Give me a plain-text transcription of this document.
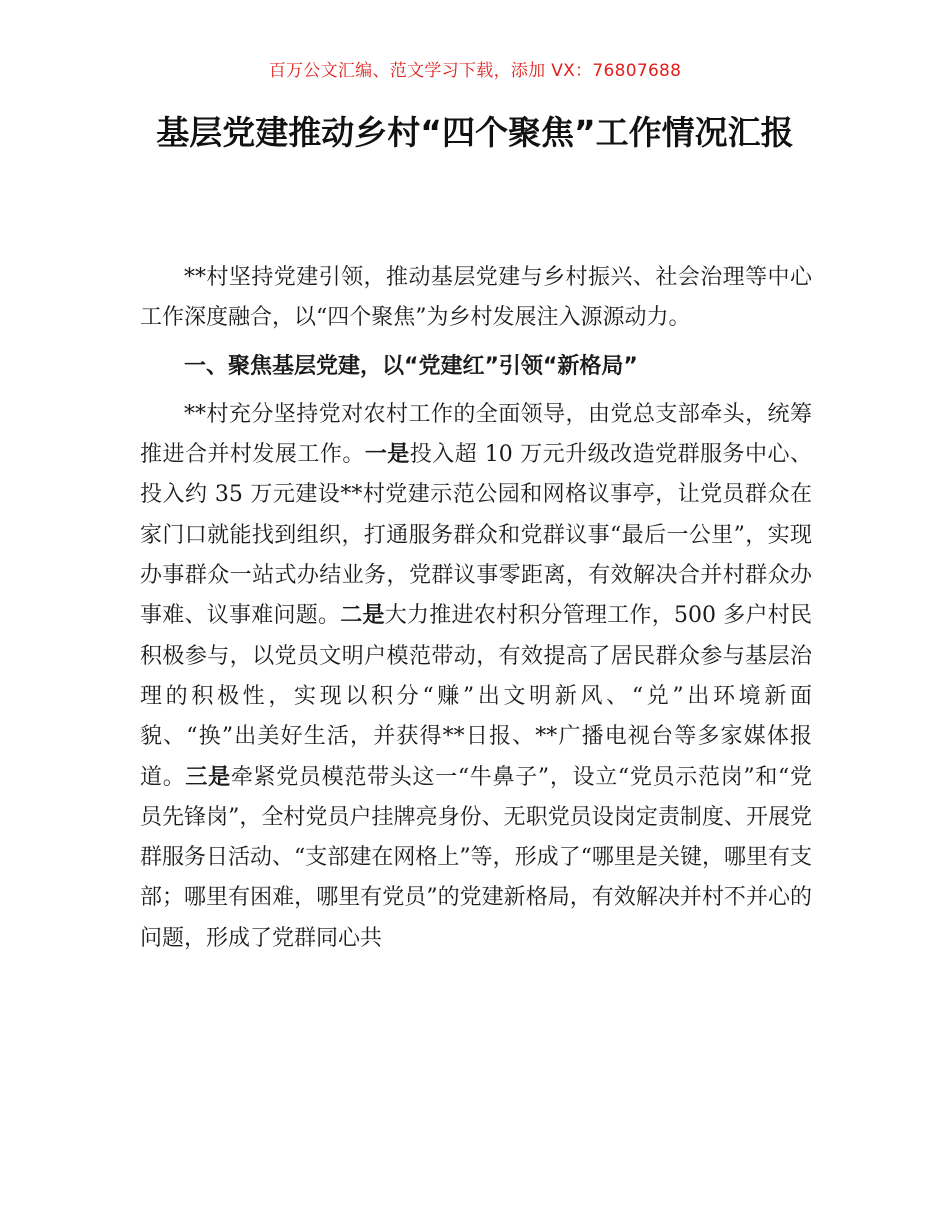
百万公文汇编、范文学习下载，添加 VX：76807688
基层党建推动乡村“四个聚焦”工作情况汇报

**村坚持党建引领，推动基层党建与乡村振兴、社会治理等中心工作深度融合，以“四个聚焦”为乡村发展注入源源动力。

一、聚焦基层党建，以“党建红”引领“新格局”

**村充分坚持党对农村工作的全面领导，由党总支部牵头，统筹推进合并村发展工作。一是投入超 10 万元升级改造党群服务中心、投入约 35 万元建设**村党建示范公园和网格议事亭，让党员群众在家门口就能找到组织，打通服务群众和党群议事“最后一公里”，实现办事群众一站式办结业务，党群议事零距离，有效解决合并村群众办事难、议事难问题。二是大力推进农村积分管理工作，500 多户村民积极参与，以党员文明户模范带动，有效提高了居民群众参与基层治理的积极性，实现以积分“赚”出文明新风、“兑”出环境新面貌、“换”出美好生活，并获得**日报、**广播电视台等多家媒体报道。三是牵紧党员模范带头这一“牛鼻子”，设立“党员示范岗”和“党员先锋岗”，全村党员户挂牌亮身份、无职党员设岗定责制度、开展党群服务日活动、“支部建在网格上”等，形成了“哪里是关键，哪里有支部；哪里有困难，哪里有党员”的党建新格局，有效解决并村不并心的问题，形成了党群同心共
